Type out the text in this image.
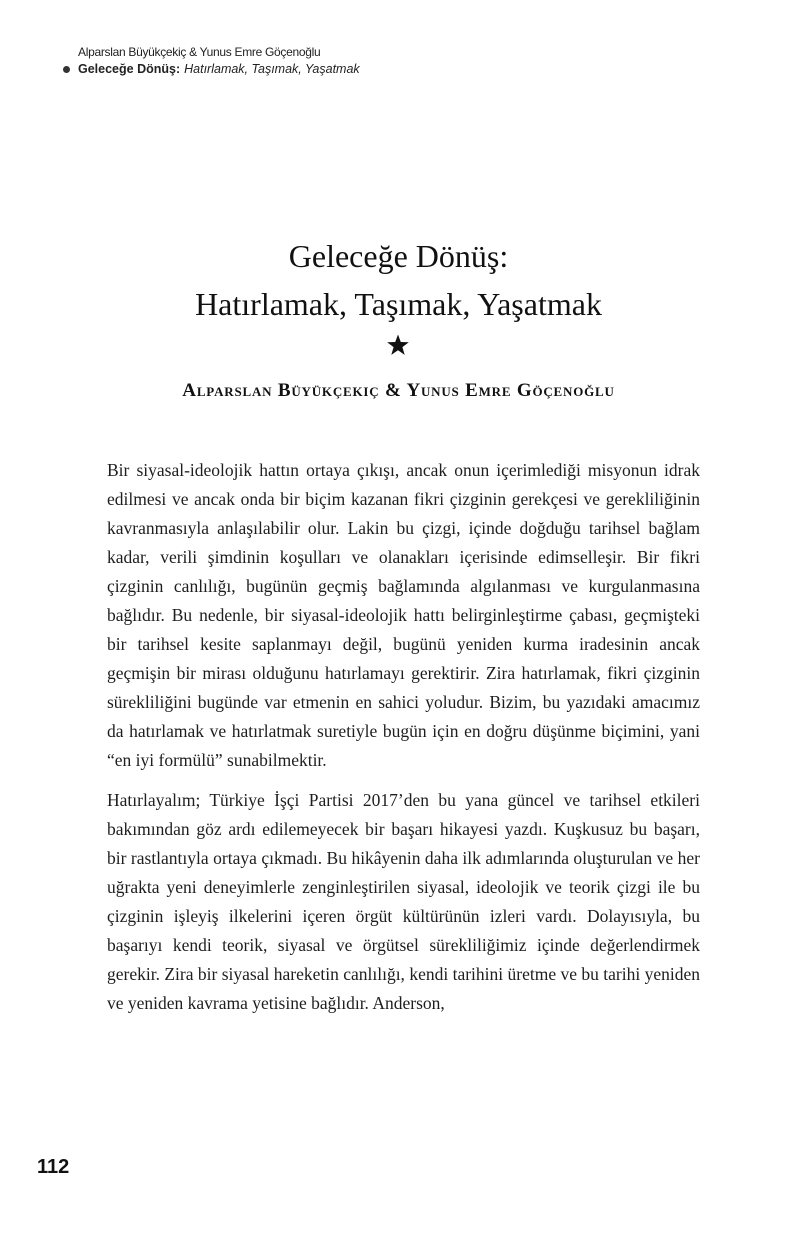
Alparslan Büyükçekiç & Yunus Emre Göçenoğlu
Geleceğe Dönüş: Hatırlamak, Taşımak, Yaşatmak
Geleceğe Dönüş:
Hatırlamak, Taşımak, Yaşatmak
Alparslan Büyükçekiç & Yunus Emre Göçenoğlu

Bir siyasal-ideolojik hattın ortaya çıkışı, ancak onun içerimlediği misyonun idrak edilmesi ve ancak onda bir biçim kazanan fikri çizginin gerekçesi ve gerekliliğinin kavranmasıyla anlaşılabilir olur. Lakin bu çizgi, içinde doğduğu tarihsel bağlam kadar, verili şimdinin koşulları ve olanakları içerisinde edimselleşir. Bir fikri çizginin canlılığı, bugünün geçmiş bağlamında algılanması ve kurgulanmasına bağlıdır. Bu nedenle, bir siyasal-ideolojik hattı belirginleştirme çabası, geçmişteki bir tarihsel kesite saplanmayı değil, bugünü yeniden kurma iradesinin ancak geçmişin bir mirası olduğunu hatırlamayı gerektirir. Zira hatırlamak, fikri çizginin sürekliliğini bugünde var etmenin en sahici yoludur. Bizim, bu yazıdaki amacımız da hatırlamak ve hatırlatmak suretiyle bugün için en doğru düşünme biçimini, yani “en iyi formülü” sunabilmektir.

Hatırlayalım; Türkiye İşçi Partisi 2017’den bu yana güncel ve tarihsel etkileri bakımından göz ardı edilemeyecek bir başarı hikayesi yazdı. Kuşkusuz bu başarı, bir rastlantıyla ortaya çıkmadı. Bu hikâyenin daha ilk adımlarında oluşturulan ve her uğrakta yeni deneyimlerle zenginleştirilen siyasal, ideolojik ve teorik çizgi ile bu çizginin işleyiş ilkelerini içeren örgüt kültürünün izleri vardı. Dolayısıyla, bu başarıyı kendi teorik, siyasal ve örgütsel sürekliliğimiz içinde değerlendirmek gerekir. Zira bir siyasal hareketin canlılığı, kendi tarihini üretme ve bu tarihi yeniden ve yeniden kavrama yetisine bağlıdır. Anderson,

112
